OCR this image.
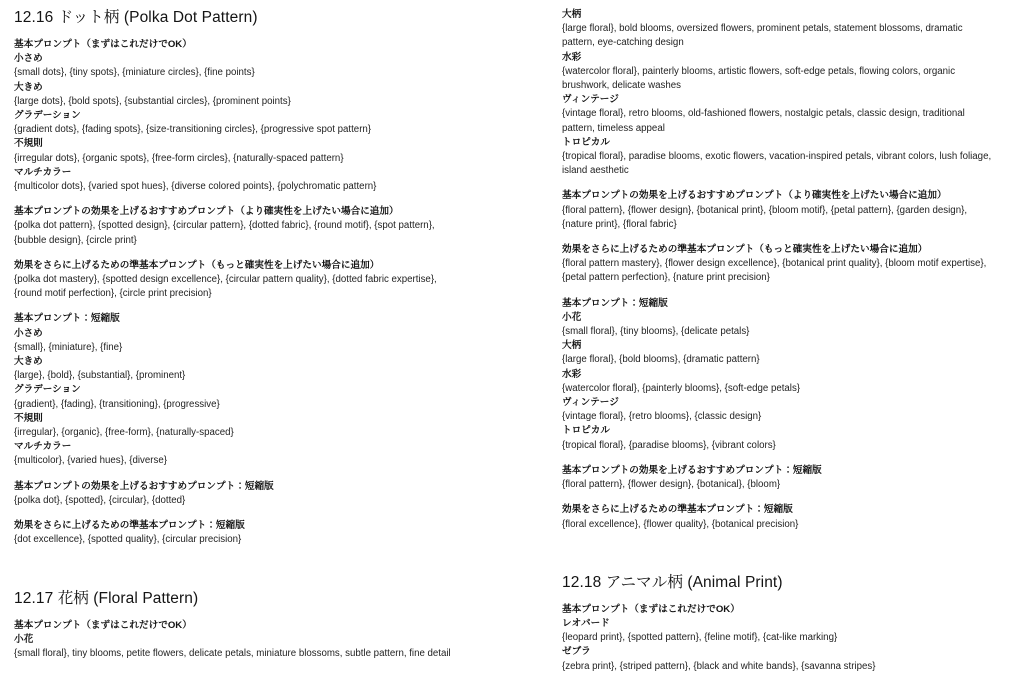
12.16 ドット柄 (Polka Dot Pattern)

基本プロンプト（まずはこれだけでOK）

小さめ

{small dots}, {tiny spots}, {miniature circles}, {fine points}

大きめ

{large dots}, {bold spots}, {substantial circles}, {prominent points}

グラデーション

{gradient dots}, {fading spots}, {size-transitioning circles}, {progressive spot pattern}

不規則

{irregular dots}, {organic spots}, {free-form circles}, {naturally-spaced pattern}

マルチカラー

{multicolor dots}, {varied spot hues}, {diverse colored points}, {polychromatic pattern}

基本プロンプトの効果を上げるおすすめプロンプト（より確実性を上げたい場合に追加）

{polka dot pattern}, {spotted design}, {circular pattern}, {dotted fabric}, {round motif}, {spot pattern}, {bubble design}, {circle print}

効果をさらに上げるための準基本プロンプト（もっと確実性を上げたい場合に追加）

{polka dot mastery}, {spotted design excellence}, {circular pattern quality}, {dotted fabric expertise}, {round motif perfection}, {circle print precision}

基本プロンプト：短縮版

小さめ

{small}, {miniature}, {fine}

大きめ

{large}, {bold}, {substantial}, {prominent}

グラデーション

{gradient}, {fading}, {transitioning}, {progressive}

不規則

{irregular}, {organic}, {free-form}, {naturally-spaced}

マルチカラー

{multicolor}, {varied hues}, {diverse}

基本プロンプトの効果を上げるおすすめプロンプト：短縮版

{polka dot}, {spotted}, {circular}, {dotted}

効果をさらに上げるための準基本プロンプト：短縮版

{dot excellence}, {spotted quality}, {circular precision}

12.17 花柄 (Floral Pattern)

基本プロンプト（まずはこれだけでOK）

小花

{small floral}, tiny blooms, petite flowers, delicate petals, miniature blossoms, subtle pattern, fine detail

大柄

{large floral}, bold blooms, oversized flowers, prominent petals, statement blossoms, dramatic pattern, eye-catching design

水彩

{watercolor floral}, painterly blooms, artistic flowers, soft-edge petals, flowing colors, organic brushwork, delicate washes

ヴィンテージ

{vintage floral}, retro blooms, old-fashioned flowers, nostalgic petals, classic design, traditional pattern, timeless appeal

トロピカル

{tropical floral}, paradise blooms, exotic flowers, vacation-inspired petals, vibrant colors, lush foliage, island aesthetic

基本プロンプトの効果を上げるおすすめプロンプト（より確実性を上げたい場合に追加）

{floral pattern}, {flower design}, {botanical print}, {bloom motif}, {petal pattern}, {garden design}, {nature print}, {floral fabric}

効果をさらに上げるための準基本プロンプト（もっと確実性を上げたい場合に追加）

{floral pattern mastery}, {flower design excellence}, {botanical print quality}, {bloom motif expertise}, {petal pattern perfection}, {nature print precision}

基本プロンプト：短縮版

小花

{small floral}, {tiny blooms}, {delicate petals}

大柄

{large floral}, {bold blooms}, {dramatic pattern}

水彩

{watercolor floral}, {painterly blooms}, {soft-edge petals}

ヴィンテージ

{vintage floral}, {retro blooms}, {classic design}

トロピカル

{tropical floral}, {paradise blooms}, {vibrant colors}

基本プロンプトの効果を上げるおすすめプロンプト：短縮版

{floral pattern}, {flower design}, {botanical}, {bloom}

効果をさらに上げるための準基本プロンプト：短縮版

{floral excellence}, {flower quality}, {botanical precision}

12.18 アニマル柄 (Animal Print)

基本プロンプト（まずはこれだけでOK）

レオパード

{leopard print}, {spotted pattern}, {feline motif}, {cat-like marking}

ゼブラ

{zebra print}, {striped pattern}, {black and white bands}, {savanna stripes}
